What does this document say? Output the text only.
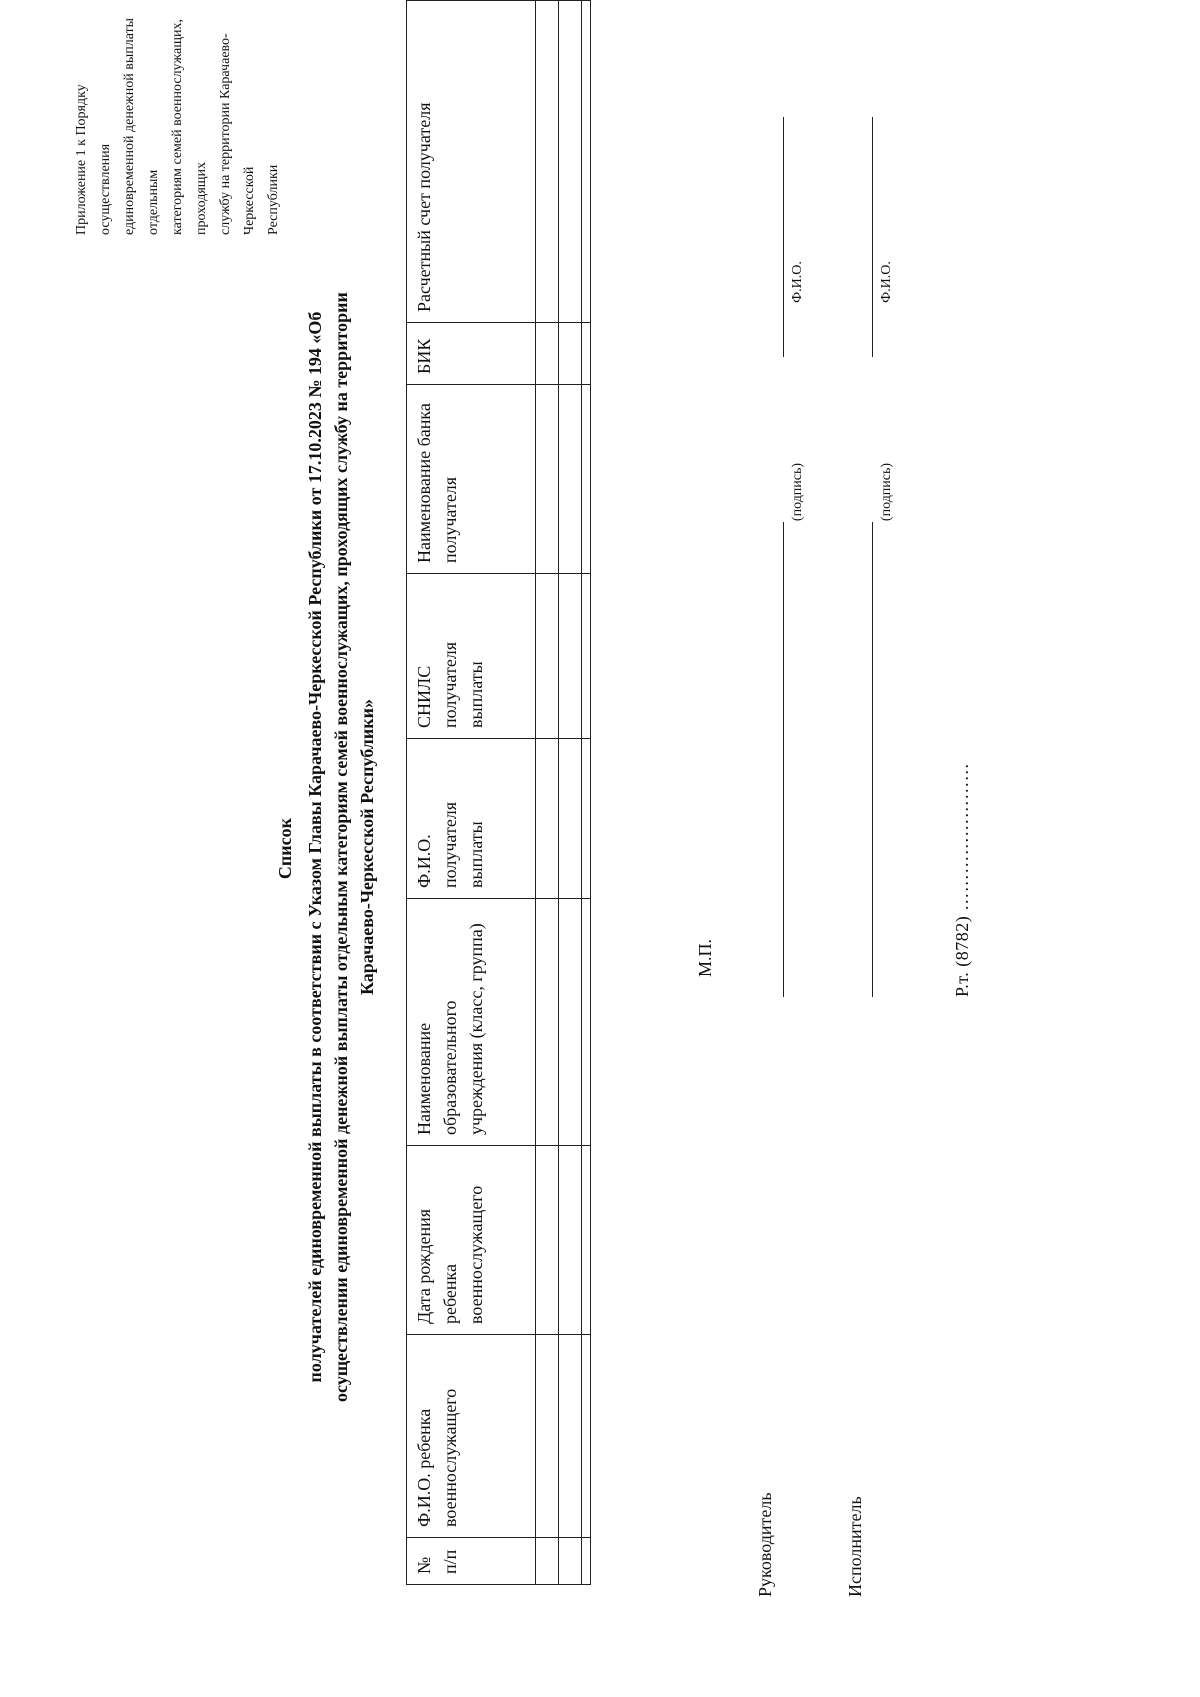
Приложение 1 к Порядку осуществления единовременной денежной выплаты отдельным категориям семей военнослужащих, проходящих службу на территории Карачаево-Черкесской Республики
Список получателей единовременной выплаты в соответствии с Указом Главы Карачаево-Черкесской Республики от 17.10.2023 № 194 «Об осуществлении единовременной денежной выплаты отдельным категориям семей военнослужащих, проходящих службу на территории Карачаево-Черкесской Республики»
№ п/п	Ф.И.О. ребенка военнослужащего	Дата рождения ребенка военнослужащего	Наименование образовательного учреждения (класс, группа)	Ф.И.О. получателя выплаты	СНИЛС получателя выплаты	Наименование банка получателя	БИК	Расчетный счет получателя

М.П.
Руководитель
(подпись)
Ф.И.О.
Исполнитель
(подпись)
Ф.И.О.
Р.т. (8782) ……………………
